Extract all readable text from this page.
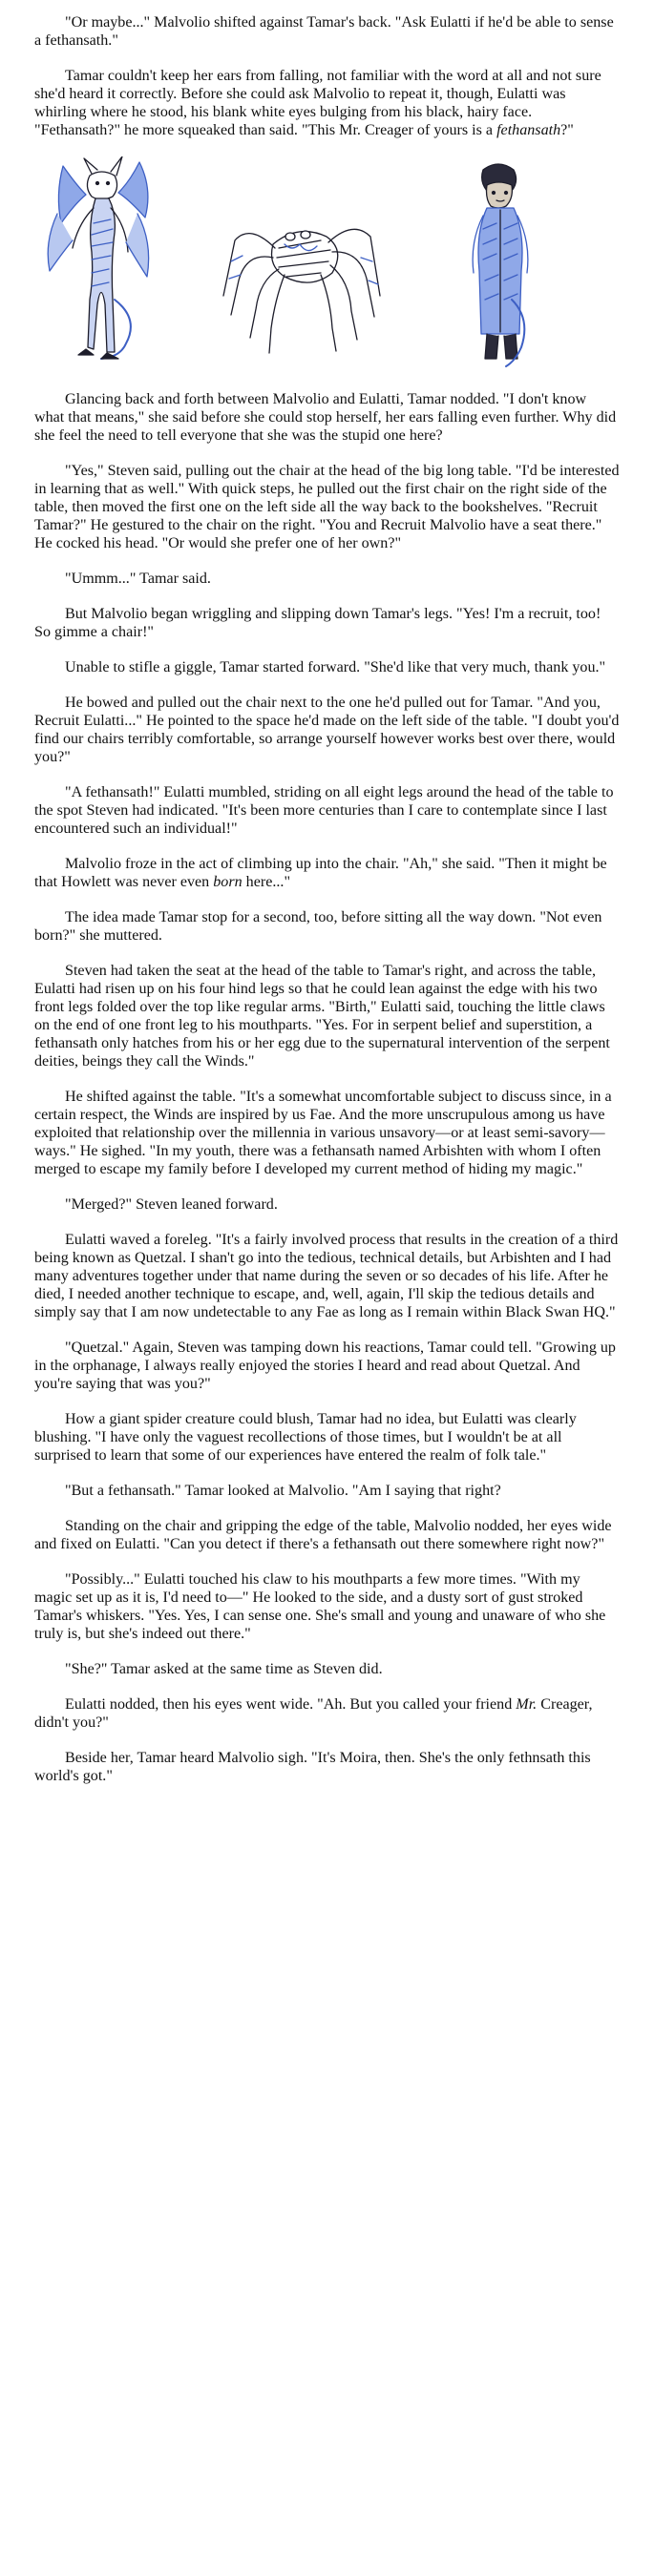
"Or maybe..." Malvolio shifted against Tamar's back. "Ask Eulatti if he'd be able to sense a fethansath."

Tamar couldn't keep her ears from falling, not familiar with the word at all and not sure she'd heard it correctly. Before she could ask Malvolio to repeat it, though, Eulatti was whirling where he stood, his blank white eyes bulging from his black, hairy face. "Fethansath?" he more squeaked than said. "This Mr. Creager of yours is a fethansath?"

Glancing back and forth between Malvolio and Eulatti, Tamar nodded. "I don't know what that means," she said before she could stop herself, her ears falling even further. Why did she feel the need to tell everyone that she was the stupid one here?

"Yes," Steven said, pulling out the chair at the head of the big long table. "I'd be interested in learning that as well." With quick steps, he pulled out the first chair on the right side of the table, then moved the first one on the left side all the way back to the bookshelves. "Recruit Tamar?" He gestured to the chair on the right. "You and Recruit Malvolio have a seat there." He cocked his head. "Or would she prefer one of her own?"

"Ummm..." Tamar said.

But Malvolio began wriggling and slipping down Tamar's legs. "Yes! I'm a recruit, too! So gimme a chair!"

Unable to stifle a giggle, Tamar started forward. "She'd like that very much, thank you."

He bowed and pulled out the chair next to the one he'd pulled out for Tamar. "And you, Recruit Eulatti..." He pointed to the space he'd made on the left side of the table. "I doubt you'd find our chairs terribly comfortable, so arrange yourself however works best over there, would you?"

"A fethansath!" Eulatti mumbled, striding on all eight legs around the head of the table to the spot Steven had indicated. "It's been more centuries than I care to contemplate since I last encountered such an individual!"

Malvolio froze in the act of climbing up into the chair. "Ah," she said. "Then it might be that Howlett was never even born here..."

The idea made Tamar stop for a second, too, before sitting all the way down. "Not even born?" she muttered.

Steven had taken the seat at the head of the table to Tamar's right, and across the table, Eulatti had risen up on his four hind legs so that he could lean against the edge with his two front legs folded over the top like regular arms. "Birth," Eulatti said, touching the little claws on the end of one front leg to his mouthparts. "Yes. For in serpent belief and superstition, a fethansath only hatches from his or her egg due to the supernatural intervention of the serpent deities, beings they call the Winds."

He shifted against the table. "It's a somewhat uncomfortable subject to discuss since, in a certain respect, the Winds are inspired by us Fae. And the more unscrupulous among us have exploited that relationship over the millennia in various unsavory—or at least semi-savory—ways." He sighed. "In my youth, there was a fethansath named Arbishten with whom I often merged to escape my family before I developed my current method of hiding my magic."

"Merged?" Steven leaned forward.

Eulatti waved a foreleg. "It's a fairly involved process that results in the creation of a third being known as Quetzal. I shan't go into the tedious, technical details, but Arbishten and I had many adventures together under that name during the seven or so decades of his life. After he died, I needed another technique to escape, and, well, again, I'll skip the tedious details and simply say that I am now undetectable to any Fae as long as I remain within Black Swan HQ."

"Quetzal." Again, Steven was tamping down his reactions, Tamar could tell. "Growing up in the orphanage, I always really enjoyed the stories I heard and read about Quetzal. And you're saying that was you?"

How a giant spider creature could blush, Tamar had no idea, but Eulatti was clearly blushing. "I have only the vaguest recollections of those times, but I wouldn't be at all surprised to learn that some of our experiences have entered the realm of folk tale."

"But a fethansath." Tamar looked at Malvolio. "Am I saying that right?

Standing on the chair and gripping the edge of the table, Malvolio nodded, her eyes wide and fixed on Eulatti. "Can you detect if there's a fethansath out there somewhere right now?"

"Possibly..." Eulatti touched his claw to his mouthparts a few more times. "With my magic set up as it is, I'd need to—" He looked to the side, and a dusty sort of gust stroked Tamar's whiskers. "Yes. Yes, I can sense one. She's small and young and unaware of who she truly is, but she's indeed out there."

"She?" Tamar asked at the same time as Steven did.

Eulatti nodded, then his eyes went wide. "Ah. But you called your friend Mr. Creager, didn't you?"

Beside her, Tamar heard Malvolio sigh. "It's Moira, then. She's the only fethnsath this world's got."
